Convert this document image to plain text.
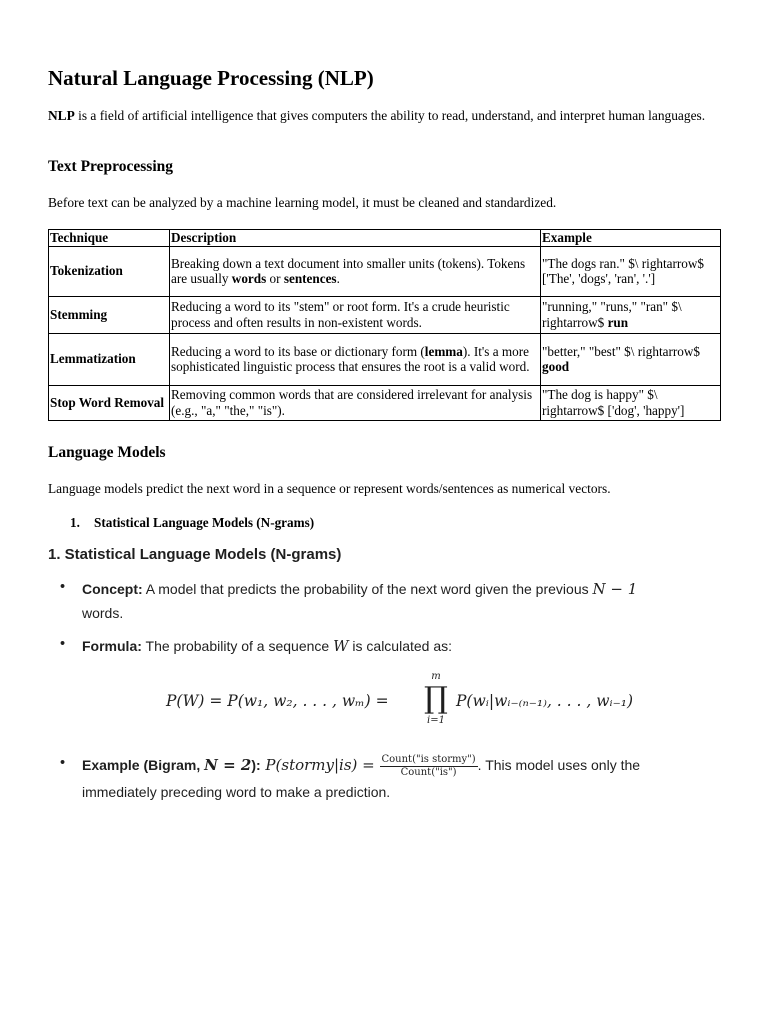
Natural Language Processing (NLP)

NLP is a field of artificial intelligence that gives computers the ability to read, understand, and interpret human languages.

Text Preprocessing

Before text can be analyzed by a machine learning model, it must be cleaned and standardized.

Technique	Description	Example
Tokenization	Breaking down a text document into smaller units (tokens). Tokens are usually words or sentences.	"The dogs ran." $\ rightarrow$ ['The', 'dogs', 'ran', '.']
Stemming	Reducing a word to its "stem" or root form. It's a crude heuristic process and often results in non-existent words.	"running," "runs," "ran" $\ rightarrow$ run
Lemmatization	Reducing a word to its base or dictionary form (lemma). It's a more sophisticated linguistic process that ensures the root is a valid word.	"better," "best" $\ rightarrow$ good
Stop Word Removal	Removing common words that are considered irrelevant for analysis (e.g., "a," "the," "is").	"The dog is happy" $\ rightarrow$ ['dog', 'happy']
Language Models

Language models predict the next word in a sequence or represent words/sentences as numerical vectors.

1. Statistical Language Models (N-grams)

1. Statistical Language Models (N-grams)

• Concept: A model that predicts the probability of the next word given the previous N − 1
words.
• Formula: The probability of a sequence W is calculated as:
P(W) = P(w₁, w₂, . . . , wₘ) =
m
∏
i=1
P(wᵢ|wᵢ₋₍ₙ₋₁₎, . . . , wᵢ₋₁)
• Example (Bigram, N = 2): P(stormy|is) = $\frac{\text{Count("is stormy")}}{\text{Count("is")}}$ . This model uses only the
immediately preceding word to make a prediction.
